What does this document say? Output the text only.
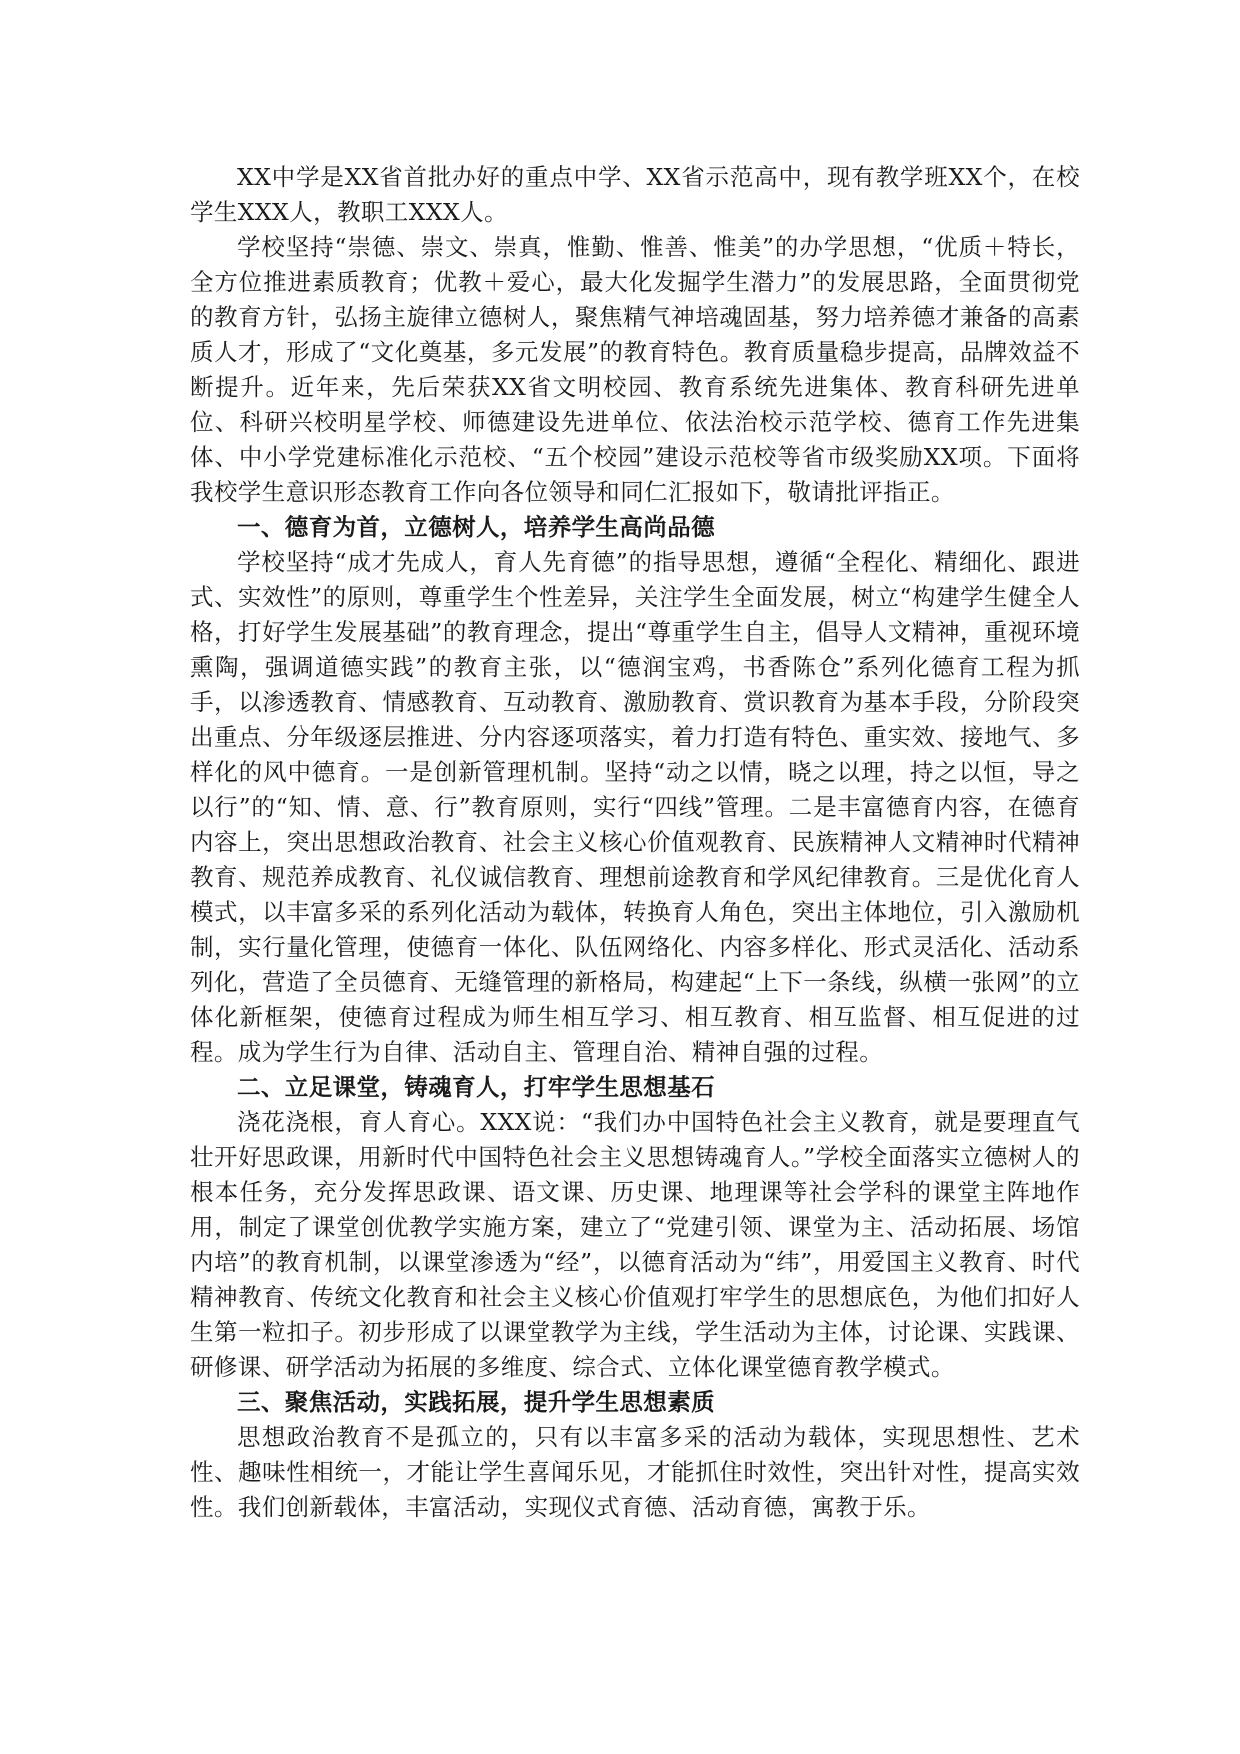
XX中学是XX省首批办好的重点中学、XX省示范高中，现有教学班XX个，在校学生XXX人，教职工XXX人。

学校坚持“崇德、崇文、崇真，惟勤、惟善、惟美”的办学思想，“优质＋特长，全方位推进素质教育；优教＋爱心，最大化发掘学生潜力”的发展思路，全面贯彻党的教育方针，弘扬主旋律立德树人，聚焦精气神培魂固基，努力培养德才兼备的高素质人才，形成了“文化奠基，多元发展”的教育特色。教育质量稳步提高，品牌效益不断提升。近年来，先后荣获XX省文明校园、教育系统先进集体、教育科研先进单位、科研兴校明星学校、师德建设先进单位、依法治校示范学校、德育工作先进集体、中小学党建标准化示范校、“五个校园”建设示范校等省市级奖励XX项。下面将我校学生意识形态教育工作向各位领导和同仁汇报如下，敬请批评指正。

一、德育为首，立德树人，培养学生高尚品德

学校坚持“成才先成人，育人先育德”的指导思想，遵循“全程化、精细化、跟进式、实效性”的原则，尊重学生个性差异，关注学生全面发展，树立“构建学生健全人格，打好学生发展基础”的教育理念，提出“尊重学生自主，倡导人文精神，重视环境熏陶，强调道德实践”的教育主张，以“德润宝鸡，书香陈仓”系列化德育工程为抓手，以渗透教育、情感教育、互动教育、激励教育、赏识教育为基本手段，分阶段突出重点、分年级逐层推进、分内容逐项落实，着力打造有特色、重实效、接地气、多样化的风中德育。一是创新管理机制。坚持“动之以情，晓之以理，持之以恒，导之以行”的“知、情、意、行”教育原则，实行“四线”管理。二是丰富德育内容，在德育内容上，突出思想政治教育、社会主义核心价值观教育、民族精神人文精神时代精神教育、规范养成教育、礼仪诚信教育、理想前途教育和学风纪律教育。三是优化育人模式，以丰富多采的系列化活动为载体，转换育人角色，突出主体地位，引入激励机制，实行量化管理，使德育一体化、队伍网络化、内容多样化、形式灵活化、活动系列化，营造了全员德育、无缝管理的新格局，构建起“上下一条线，纵横一张网”的立体化新框架，使德育过程成为师生相互学习、相互教育、相互监督、相互促进的过程。成为学生行为自律、活动自主、管理自治、精神自强的过程。

二、立足课堂，铸魂育人，打牢学生思想基石

浇花浇根，育人育心。XXX说：“我们办中国特色社会主义教育，就是要理直气壮开好思政课，用新时代中国特色社会主义思想铸魂育人。”学校全面落实立德树人的根本任务，充分发挥思政课、语文课、历史课、地理课等社会学科的课堂主阵地作用，制定了课堂创优教学实施方案，建立了“党建引领、课堂为主、活动拓展、场馆内培”的教育机制，以课堂渗透为“经”，以德育活动为“纬”，用爱国主义教育、时代精神教育、传统文化教育和社会主义核心价值观打牢学生的思想底色，为他们扣好人生第一粒扣子。初步形成了以课堂教学为主线，学生活动为主体，讨论课、实践课、研修课、研学活动为拓展的多维度、综合式、立体化课堂德育教学模式。

三、聚焦活动，实践拓展，提升学生思想素质

思想政治教育不是孤立的，只有以丰富多采的活动为载体，实现思想性、艺术性、趣味性相统一，才能让学生喜闻乐见，才能抓住时效性，突出针对性，提高实效性。我们创新载体，丰富活动，实现仪式育德、活动育德，寓教于乐。
